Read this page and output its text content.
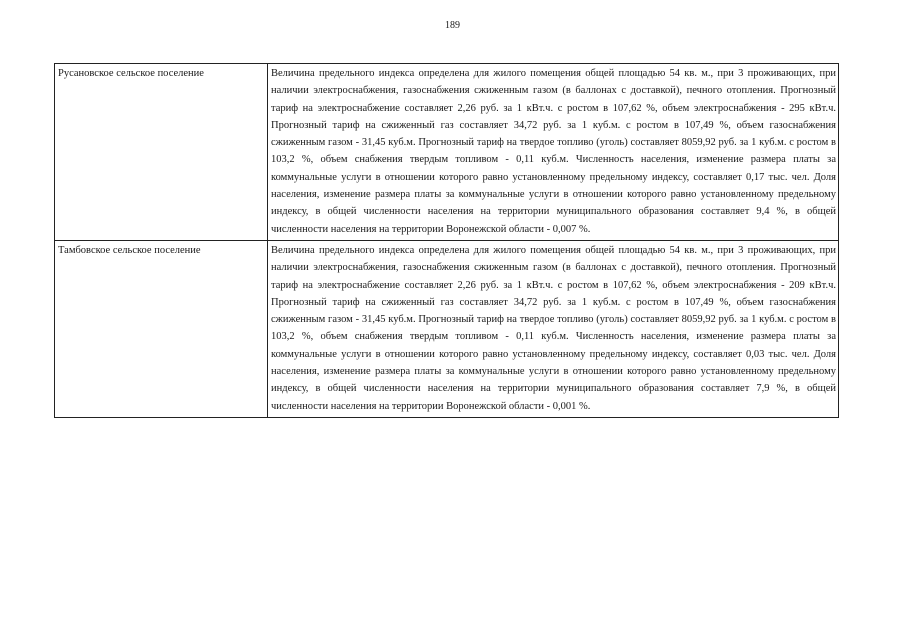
189
Русановское сельское поселение	Величина предельного индекса определена для жилого помещения общей площадью 54 кв. м., при 3 проживающих, при наличии электроснабжения, газоснабжения сжиженным газом (в баллонах с доставкой), печного отопления. Прогнозный тариф на электроснабжение составляет 2,26 руб. за 1 кВт.ч. с ростом в 107,62 %, объем электроснабжения - 295 кВт.ч. Прогнозный тариф на сжиженный газ составляет 34,72 руб. за 1 куб.м. с ростом в 107,49 %, объем газоснабжения сжиженным газом - 31,45 куб.м. Прогнозный тариф на твердое топливо (уголь) составляет 8059,92 руб. за 1 куб.м. с ростом в 103,2 %, объем снабжения твердым топливом - 0,11 куб.м. Численность населения, изменение размера платы за коммунальные услуги в отношении которого равно установленному предельному индексу, составляет 0,17 тыс. чел. Доля населения, изменение размера платы за коммунальные услуги в отношении которого равно установленному предельному индексу, в общей численности населения на территории муниципального образования составляет 9,4 %, в общей численности населения на территории Воронежской области - 0,007 %.
Тамбовское сельское поселение	Величина предельного индекса определена для жилого помещения общей площадью 54 кв. м., при 3 проживающих, при наличии электроснабжения, газоснабжения сжиженным газом (в баллонах с доставкой), печного отопления. Прогнозный тариф на электроснабжение составляет 2,26 руб. за 1 кВт.ч. с ростом в 107,62 %, объем электроснабжения - 209 кВт.ч. Прогнозный тариф на сжиженный газ составляет 34,72 руб. за 1 куб.м. с ростом в 107,49 %, объем газоснабжения сжиженным газом - 31,45 куб.м. Прогнозный тариф на твердое топливо (уголь) составляет 8059,92 руб. за 1 куб.м. с ростом в 103,2 %, объем снабжения твердым топливом - 0,11 куб.м. Численность населения, изменение размера платы за коммунальные услуги в отношении которого равно установленному предельному индексу, составляет 0,03 тыс. чел. Доля населения, изменение размера платы за коммунальные услуги в отношении которого равно установленному предельному индексу, в общей численности населения на территории муниципального образования составляет 7,9 %, в общей численности населения на территории Воронежской области - 0,001 %.
